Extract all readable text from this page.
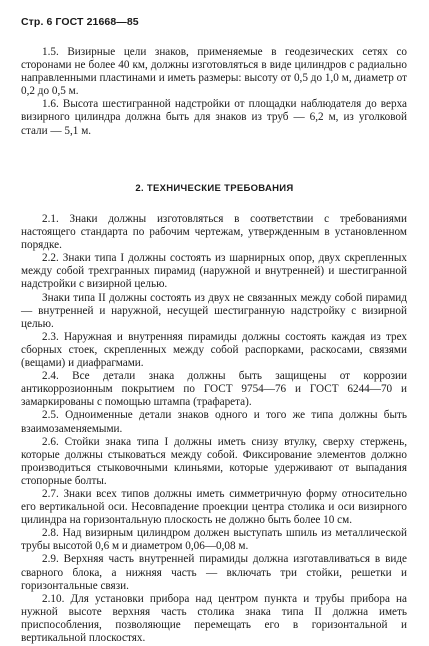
Стр. 6 ГОСТ 21668—85

1.5. Визирные цели знаков, применяемые в геодезических сетях со сторонами не более 40 км, должны изготовляться в виде цилиндров с радиально направленными пластинами и иметь размеры: высоту от 0,5 до 1,0 м, диаметр от 0,2 до 0,5 м.

1.6. Высота шестигранной надстройки от площадки наблюдателя до верха визирного цилиндра должна быть для знаков из труб — 6,2 м, из уголковой стали — 5,1 м.

2. ТЕХНИЧЕСКИЕ ТРЕБОВАНИЯ

2.1. Знаки должны изготовляться в соответствии с требованиями настоящего стандарта по рабочим чертежам, утвержденным в установленном порядке.

2.2. Знаки типа I должны состоять из шарнирных опор, двух скрепленных между собой трехгранных пирамид (наружной и внутренней) и шестигранной надстройки с визирной целью.

Знаки типа II должны состоять из двух не связанных между собой пирамид — внутренней и наружной, несущей шестигранную надстройку с визирной целью.

2.3. Наружная и внутренняя пирамиды должны состоять каждая из трех сборных стоек, скрепленных между собой распорками, раскосами, связями (вещами) и диафрагмами.

2.4. Все детали знака должны быть защищены от коррозии антикоррозионным покрытием по ГОСТ 9754—76 и ГОСТ 6244—70 и замаркированы с помощью штампа (трафарета).

2.5. Одноименные детали знаков одного и того же типа должны быть взаимозаменяемыми.

2.6. Стойки знака типа I должны иметь снизу втулку, сверху стержень, которые должны стыковаться между собой. Фиксирование элементов должно производиться стыковочными клиньями, которые удерживают от выпадания стопорные болты.

2.7. Знаки всех типов должны иметь симметричную форму относительно его вертикальной оси. Несовпадение проекции центра столика и оси визирного цилиндра на горизонтальную плоскость не должно быть более 10 см.

2.8. Над визирным цилиндром должен выступать шпиль из металлической трубы высотой 0,6 м и диаметром 0,06—0,08 м.

2.9. Верхняя часть внутренней пирамиды должна изготавливаться в виде сварного блока, а нижняя часть — включать три стойки, решетки и горизонтальные связи.

2.10. Для установки прибора над центром пункта и трубы прибора на нужной высоте верхняя часть столика знака типа II должна иметь приспособления, позволяющие перемещать его в горизонтальной и вертикальной плоскостях.
